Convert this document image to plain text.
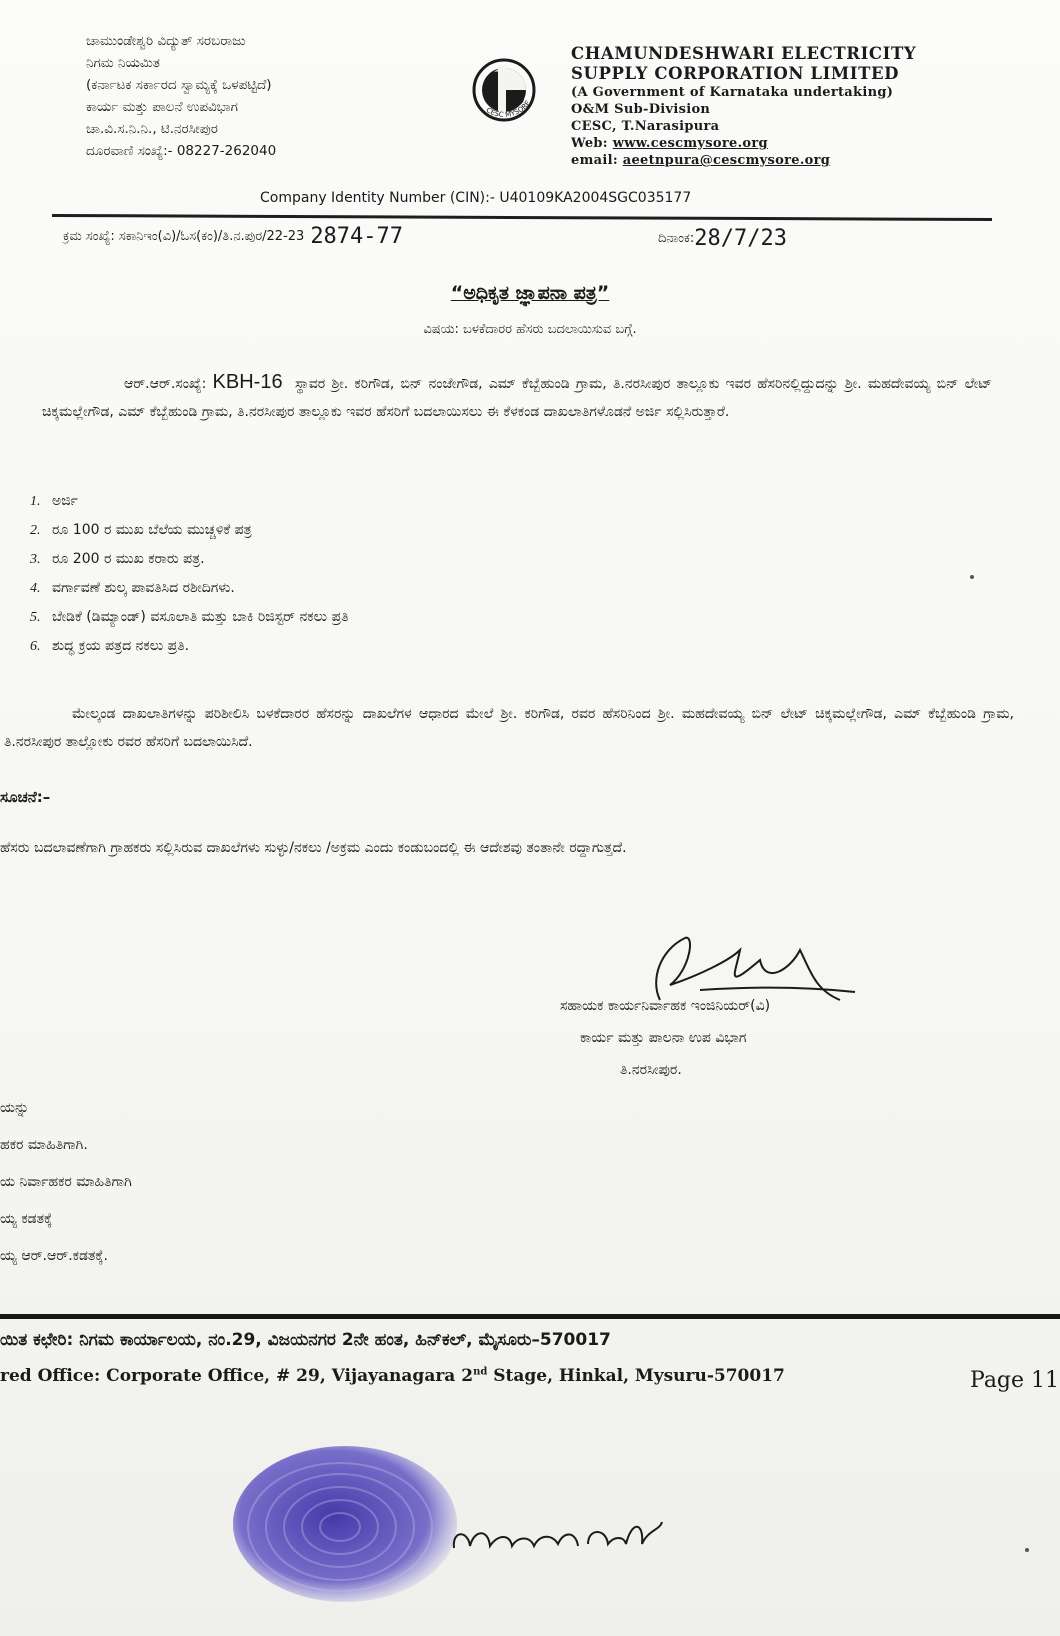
ಚಾಮುಂಡೇಶ್ವರಿ ವಿದ್ಯುತ್ ಸರಬರಾಜು
ನಿಗಮ ನಿಯಮಿತ
(ಕರ್ನಾಟಕ ಸರ್ಕಾರದ ಸ್ವಾಮ್ಯಕ್ಕೆ ಒಳಪಟ್ಟಿದೆ)
ಕಾರ್ಯ ಮತ್ತು ಪಾಲನೆ ಉಪವಿಭಾಗ
ಚಾ.ವಿ.ಸ.ನಿ.ನಿ., ಟಿ.ನರಸೀಪುರ
ದೂರವಾಣಿ ಸಂಖ್ಯೆ:- 08227-262040
CESC MYSORE
CHAMUNDESHWARI ELECTRICITY
SUPPLY CORPORATION LIMITED
(A Government of Karnataka undertaking)
O&M Sub-Division
CESC, T.Narasipura
Web: www.cescmysore.org
email: aeetnpura@cescmysore.org
Company Identity Number (CIN):- U40109KA2004SGC035177
ಕ್ರಮ ಸಂಖ್ಯೆ: ಸಕಾನಿಇಂ(ವಿ)/ಓಸ(ಕಂ)/ತಿ.ನ.ಪುರ/22-23 2874-77	ದಿನಾಂಕ:28/7/23
“ಅಧಿಕೃತ ಜ್ಞಾಪನಾ ಪತ್ರ”
ವಿಷಯ: ಬಳಕೆದಾರರ ಹೆಸರು ಬದಲಾಯಿಸುವ ಬಗ್ಗೆ.
ಆರ್.ಆರ್.ಸಂಖ್ಯೆ: KBH-16 ಸ್ಥಾವರ ಶ್ರೀ. ಕರಿಗೌಡ, ಬಿನ್ ನಂಜೇಗೌಡ, ಎಮ್ ಕೆಬ್ಬೆಹುಂಡಿ ಗ್ರಾಮ, ತಿ.ನರಸೀಪುರ ತಾಲ್ಲೂಕು ಇವರ ಹೆಸರಿನಲ್ಲಿದ್ದುದನ್ನು ಶ್ರೀ. ಮಹದೇವಯ್ಯ ಬಿನ್ ಲೇಟ್ ಚಿಕ್ಕಮಲ್ಲೇಗೌಡ, ಎಮ್ ಕೆಬ್ಬೆಹುಂಡಿ ಗ್ರಾಮ, ತಿ.ನರಸೀಪುರ ತಾಲ್ಲೂಕು ಇವರ ಹೆಸರಿಗೆ ಬದಲಾಯಿಸಲು ಈ ಕೆಳಕಂಡ ದಾಖಲಾತಿಗಳೊಡನೆ ಅರ್ಜಿ ಸಲ್ಲಿಸಿರುತ್ತಾರೆ.
1. ಅರ್ಜಿ
2. ರೂ 100 ರ ಮುಖ ಬೆಲೆಯ ಮುಚ್ಚಳಿಕೆ ಪತ್ರ
3. ರೂ 200 ರ ಮುಖ ಕರಾರು ಪತ್ರ.
4. ವರ್ಗಾವಣೆ ಶುಲ್ಕ ಪಾವತಿಸಿದ ರಶೀದಿಗಳು.
5. ಬೇಡಿಕೆ (ಡಿಮ್ಯಾಂಡ್) ವಸೂಲಾತಿ ಮತ್ತು ಬಾಕಿ ರಿಜಿಸ್ಟರ್ ನಕಲು ಪ್ರತಿ
6. ಶುದ್ಧ ಕ್ರಯ ಪತ್ರದ ನಕಲು ಪ್ರತಿ.
ಮೇಲ್ಕಂಡ ದಾಖಲಾತಿಗಳನ್ನು ಪರಿಶೀಲಿಸಿ ಬಳಕೆದಾರರ ಹೆಸರನ್ನು ದಾಖಲೆಗಳ ಆಧಾರದ ಮೇಲೆ ಶ್ರೀ. ಕರಿಗೌಡ, ರವರ ಹೆಸರಿನಿಂದ ಶ್ರೀ. ಮಹದೇವಯ್ಯ ಬಿನ್ ಲೇಟ್ ಚಿಕ್ಕಮಲ್ಲೇಗೌಡ, ಎಮ್ ಕೆಬ್ಬೆಹುಂಡಿ ಗ್ರಾಮ, ತಿ.ನರಸೀಪುರ ತಾಲ್ಲೋಕು ರವರ ಹೆಸರಿಗೆ ಬದಲಾಯಿಸಿದೆ.
ಸೂಚನೆ:–
ಹೆಸರು ಬದಲಾವಣೆಗಾಗಿ ಗ್ರಾಹಕರು ಸಲ್ಲಿಸಿರುವ ದಾಖಲೆಗಳು ಸುಳ್ಳು/ನಕಲು /ಅಕ್ರಮ ಎಂದು ಕಂಡುಬಂದಲ್ಲಿ ಈ ಆದೇಶವು ತಂತಾನೇ ರದ್ದಾಗುತ್ತದೆ.
ಸಹಾಯಕ ಕಾರ್ಯನಿರ್ವಾಹಕ ಇಂಜಿನಿಯರ್(ವಿ)
ಕಾರ್ಯ ಮತ್ತು ಪಾಲನಾ ಉಪ ವಿಭಾಗ
ತಿ.ನರಸೀಪುರ.
ಯನ್ನು
ಹಕರ ಮಾಹಿತಿಗಾಗಿ.
ಯ ನಿರ್ವಾಹಕರ ಮಾಹಿತಿಗಾಗಿ
ಯ್ಯ ಕಡತಕ್ಕೆ
ಯ್ಯ ಆರ್.ಆರ್.ಕಡತಕ್ಕೆ.
ಯಿತ ಕಛೇರಿ: ನಿಗಮ ಕಾರ್ಯಾಲಯ, ನಂ.29, ವಿಜಯನಗರ 2ನೇ ಹಂತ, ಹಿನ್‌ಕಲ್, ಮೈಸೂರು–570017
red Office: Corporate Office, # 29, Vijayanagara 2nd Stage, Hinkal, Mysuru-570017	Page 11
